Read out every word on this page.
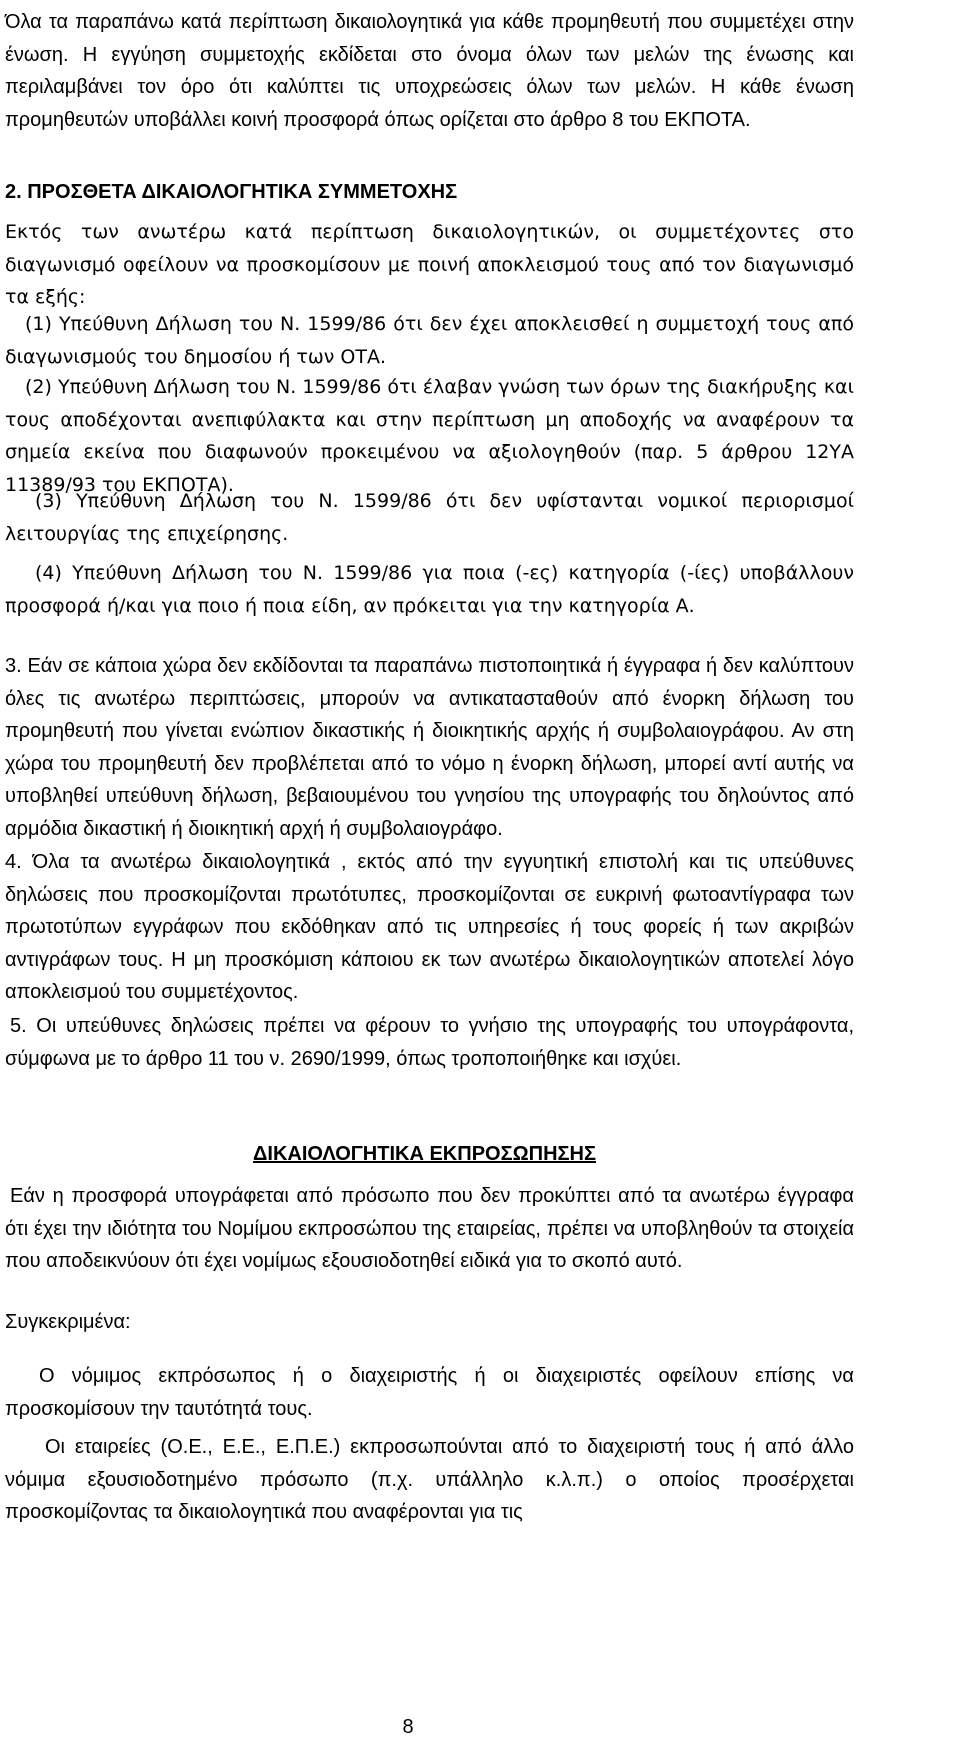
Όλα τα παραπάνω κατά περίπτωση δικαιολογητικά για κάθε προμηθευτή που συμμετέχει στην ένωση. Η εγγύηση συμμετοχής εκδίδεται στο όνομα όλων των μελών της ένωσης και περιλαμβάνει τον όρο ότι καλύπτει τις υποχρεώσεις όλων των μελών. Η κάθε ένωση προμηθευτών υποβάλλει κοινή προσφορά όπως ορίζεται στο άρθρο 8 του ΕΚΠΟΤΑ.

2. ΠΡΟΣΘΕΤΑ ΔΙΚΑΙΟΛΟΓΗΤΙΚΑ ΣΥΜΜΕΤΟΧΗΣ

Εκτός των ανωτέρω κατά περίπτωση δικαιολογητικών, οι συμμετέχοντες στο διαγωνισμό οφείλουν να προσκομίσουν με ποινή αποκλεισμού τους από τον διαγωνισμό τα εξής:

(1) Υπεύθυνη Δήλωση του Ν. 1599/86 ότι δεν έχει αποκλεισθεί η συμμετοχή τους από διαγωνισμούς του δημοσίου ή των ΟΤΑ.

(2) Υπεύθυνη Δήλωση του Ν. 1599/86 ότι έλαβαν γνώση των όρων της διακήρυξης και τους αποδέχονται ανεπιφύλακτα και στην περίπτωση μη αποδοχής να αναφέρουν τα σημεία εκείνα που διαφωνούν προκειμένου να αξιολογηθούν (παρ. 5 άρθρου 12ΥΑ 11389/93 του ΕΚΠΟΤΑ).

(3) Υπεύθυνη Δήλωση του Ν. 1599/86 ότι δεν υφίστανται νομικοί περιορισμοί λειτουργίας της επιχείρησης.

(4) Υπεύθυνη Δήλωση του Ν. 1599/86 για ποια (-ες) κατηγορία (-ίες) υποβάλλουν προσφορά ή/και για ποιο ή ποια είδη, αν πρόκειται για την κατηγορία Α.

3. Εάν σε κάποια χώρα δεν εκδίδονται τα παραπάνω πιστοποιητικά ή έγγραφα ή δεν καλύπτουν όλες τις ανωτέρω περιπτώσεις, μπορούν να αντικατασταθούν από ένορκη δήλωση του προμηθευτή που γίνεται ενώπιον δικαστικής ή διοικητικής αρχής ή συμβολαιογράφου. Αν στη χώρα του προμηθευτή δεν προβλέπεται από το νόμο η ένορκη δήλωση, μπορεί αντί αυτής να υποβληθεί υπεύθυνη δήλωση, βεβαιουμένου του γνησίου της υπογραφής του δηλούντος από αρμόδια δικαστική ή διοικητική αρχή ή συμβολαιογράφο.

4. Όλα τα ανωτέρω δικαιολογητικά , εκτός από την εγγυητική επιστολή και τις υπεύθυνες δηλώσεις που προσκομίζονται πρωτότυπες, προσκομίζονται σε ευκρινή φωτοαντίγραφα των πρωτοτύπων εγγράφων που εκδόθηκαν από τις υπηρεσίες ή τους φορείς ή των ακριβών αντιγράφων τους. Η μη προσκόμιση κάποιου εκ των ανωτέρω δικαιολογητικών αποτελεί λόγο αποκλεισμού του συμμετέχοντος.

5. Οι υπεύθυνες δηλώσεις πρέπει να φέρουν το γνήσιο της υπογραφής του υπογράφοντα, σύμφωνα με το άρθρο 11 του ν. 2690/1999, όπως τροποποιήθηκε και ισχύει.

ΔΙΚΑΙΟΛΟΓΗΤΙΚΑ ΕΚΠΡΟΣΩΠΗΣΗΣ

Εάν η προσφορά υπογράφεται από πρόσωπο που δεν προκύπτει από τα ανωτέρω έγγραφα ότι έχει την ιδιότητα του Νομίμου εκπροσώπου της εταιρείας, πρέπει να υποβληθούν τα στοιχεία που αποδεικνύουν ότι έχει νομίμως εξουσιοδοτηθεί ειδικά για το σκοπό αυτό.

Συγκεκριμένα:

Ο νόμιμος εκπρόσωπος ή ο διαχειριστής ή οι διαχειριστές οφείλουν επίσης να προσκομίσουν την ταυτότητά τους.

Οι εταιρείες (Ο.Ε., Ε.Ε., Ε.Π.Ε.) εκπροσωπούνται από το διαχειριστή τους ή από άλλο νόμιμα εξουσιοδοτημένο πρόσωπο (π.χ. υπάλληλο κ.λ.π.) ο οποίος προσέρχεται προσκομίζοντας τα δικαιολογητικά που αναφέρονται για τις

8
